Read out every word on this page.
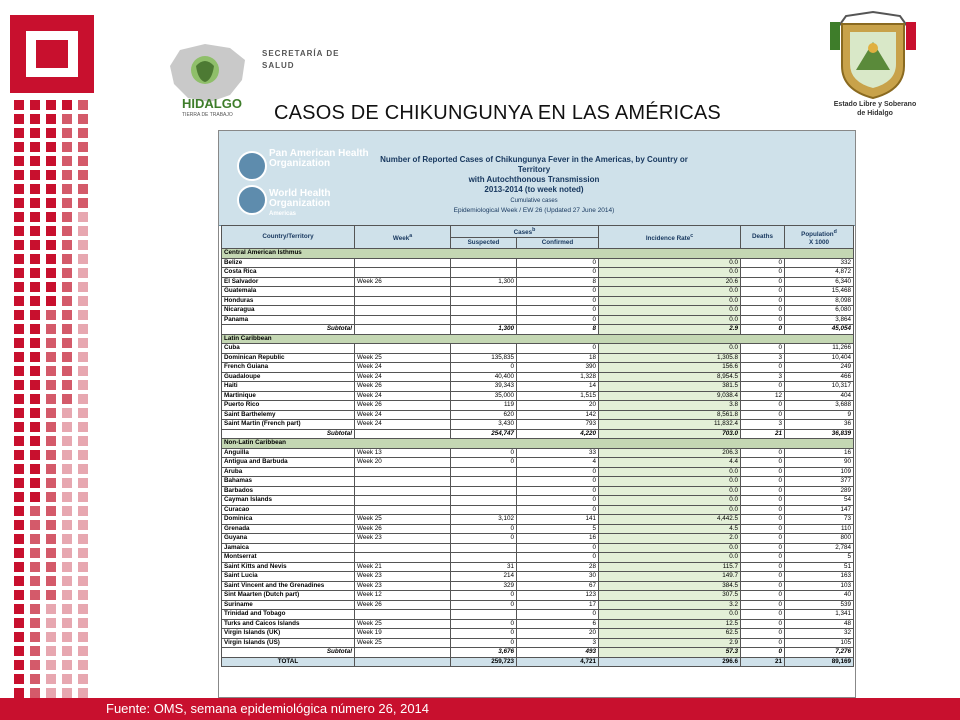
HIDALGO
TIERRA DE TRABAJO
SECRETARÍA DE
SALUD
Estado Libre y Soberano
de Hidalgo
CASOS DE CHIKUNGUNYA EN LAS AMÉRICAS
Pan American Health Organization
World Health Organization
Americas
Number of Reported Cases of Chikungunya Fever in the Americas, by Country or Territory
with Autochthonous Transmission
2013-2014 (to week noted)
Cumulative cases
Epidemiological Week / EW 26 (Updated 27 June 2014)
Country/Territory	Week$^a$	Cases$^b$		Incidence Rate$^c$	Deaths	Population$^d$
X 1000
		Suspected	Confirmed			
Central American Isthmus						
Belize			0	0.0	0	332
Costa Rica			0	0.0	0	4,872
El Salvador	Week 26	1,300	8	20.6	0	6,340
Guatemala			0	0.0	0	15,468
Honduras			0	0.0	0	8,098
Nicaragua			0	0.0	0	6,080
Panama			0	0.0	0	3,864
Subtotal		1,300	8	2.9	0	45,054
Latin Caribbean						
Cuba			0	0.0	0	11,266
Dominican Republic	Week 25	135,835	18	1,305.8	3	10,404
French Guiana	Week 24	0	390	156.6	0	249
Guadaloupe	Week 24	40,400	1,328	8,954.5	3	466
Haiti	Week 26	39,343	14	381.5	0	10,317
Martinique	Week 24	35,000	1,515	9,038.4	12	404
Puerto Rico	Week 26	119	20	3.8	0	3,688
Saint Barthelemy	Week 24	620	142	8,561.8	0	9
Saint Martin (French part)	Week 24	3,430	793	11,832.4	3	36
Subtotal		254,747	4,220	703.0	21	36,839
Non-Latin Caribbean						
Anguilla	Week 13	0	33	206.3	0	16
Antigua and Barbuda	Week 20	0	4	4.4	0	90
Aruba			0	0.0	0	109
Bahamas			0	0.0	0	377
Barbados			0	0.0	0	289
Cayman Islands			0	0.0	0	54
Curacao			0	0.0	0	147
Dominica	Week 25	3,102	141	4,442.5	0	73
Grenada	Week 26	0	5	4.5	0	110
Guyana	Week 23	0	16	2.0	0	800
Jamaica			0	0.0	0	2,784
Montserrat			0	0.0	0	5
Saint Kitts and Nevis	Week 21	31	28	115.7	0	51
Saint Lucia	Week 23	214	30	149.7	0	163
Saint Vincent and the Grenadines	Week 23	329	67	384.5	0	103
Sint Maarten (Dutch part)	Week 12	0	123	307.5	0	40
Suriname	Week 26	0	17	3.2	0	539
Trinidad and Tobago			0	0.0	0	1,341
Turks and Caicos Islands	Week 25	0	6	12.5	0	48
Virgin Islands (UK)	Week 19	0	20	62.5	0	32
Virgin Islands (US)	Week 25	0	3	2.9	0	105
Subtotal		3,676	493	57.3	0	7,276
TOTAL		259,723	4,721	296.6	21	89,169
Fuente: OMS, semana epidemiológica número 26, 2014
